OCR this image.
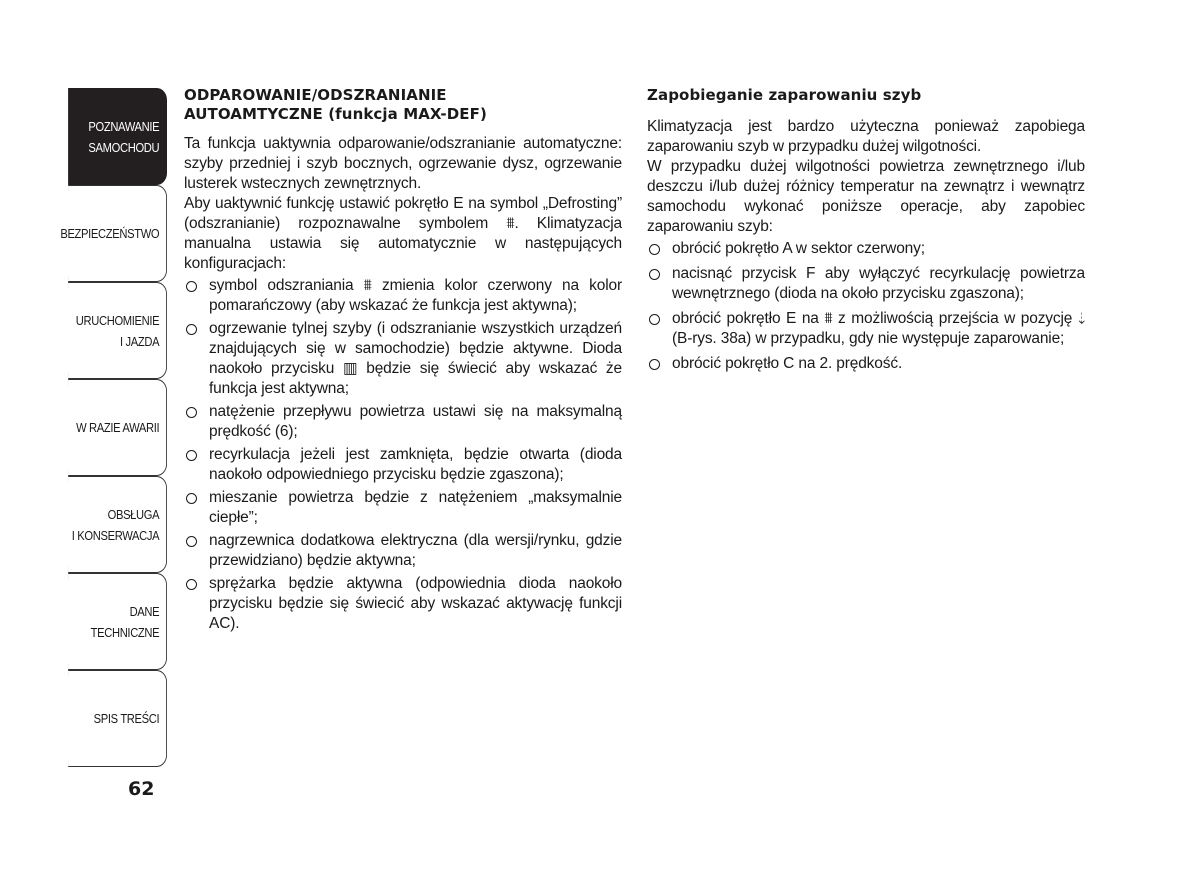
POZNAWANIE
SAMOCHODU
BEZPIECZEŃSTWO
URUCHOMIENIE
I JAZDA
W RAZIE AWARII
OBSŁUGA
I KONSERWACJA
DANE
TECHNICZNE
SPIS TREŚCI
62
ODPAROWANIE/ODSZRANIANIE
AUTOAMTYCZNE (funkcja MAX-DEF)

Ta funkcja uaktywnia odparowanie/odszranianie automatyczne: szyby przedniej i szyb bocznych, ogrzewanie dysz, ogrzewanie lusterek wstecznych zewnętrznych.

Aby uaktywnić funkcję ustawić pokrętło E na symbol „Defrosting” (odszranianie) rozpoznawalne symbolem ⩩. Klimatyzacja manualna ustawia się automatycznie w następujących konfiguracjach:

symbol odszraniania ⩩ zmienia kolor czerwony na kolor pomarańczowy (aby wskazać że funkcja jest aktywna);
ogrzewanie tylnej szyby (i odszranianie wszystkich urządzeń znajdujących się w samochodzie) będzie aktywne. Dioda naokoło przycisku ▥ będzie się świecić aby wskazać że funkcja jest aktywna;
natężenie przepływu powietrza ustawi się na maksymalną prędkość (6);
recyrkulacja jeżeli jest zamknięta, będzie otwarta (dioda naokoło odpowiedniego przycisku będzie zgaszona);
mieszanie powietrza będzie z natężeniem „maksymalnie ciepłe”;
nagrzewnica dodatkowa elektryczna (dla wersji/rynku, gdzie przewidziano) będzie aktywna;
sprężarka będzie aktywna (odpowiednia dioda naokoło przycisku będzie się świecić aby wskazać aktywację funkcji AC).
Zapobieganie zaparowaniu szyb

Klimatyzacja jest bardzo użyteczna ponieważ zapobiega zaparowaniu szyb w przypadku dużej wilgotności.

W przypadku dużej wilgotności powietrza zewnętrznego i/lub deszczu i/lub dużej różnicy temperatur na zewnątrz i wewnątrz samochodu wykonać poniższe operacje, aby zapobiec zaparowaniu szyb:

obrócić pokrętło A w sektor czerwony;
nacisnąć przycisk F aby wyłączyć recyrkulację powietrza wewnętrznego (dioda na około przycisku zgaszona);
obrócić pokrętło E na ⩩ z możliwością przejścia w pozycję ⇣ (B-rys. 38a) w przypadku, gdy nie występuje zaparowanie;
obrócić pokrętło C na 2. prędkość.
